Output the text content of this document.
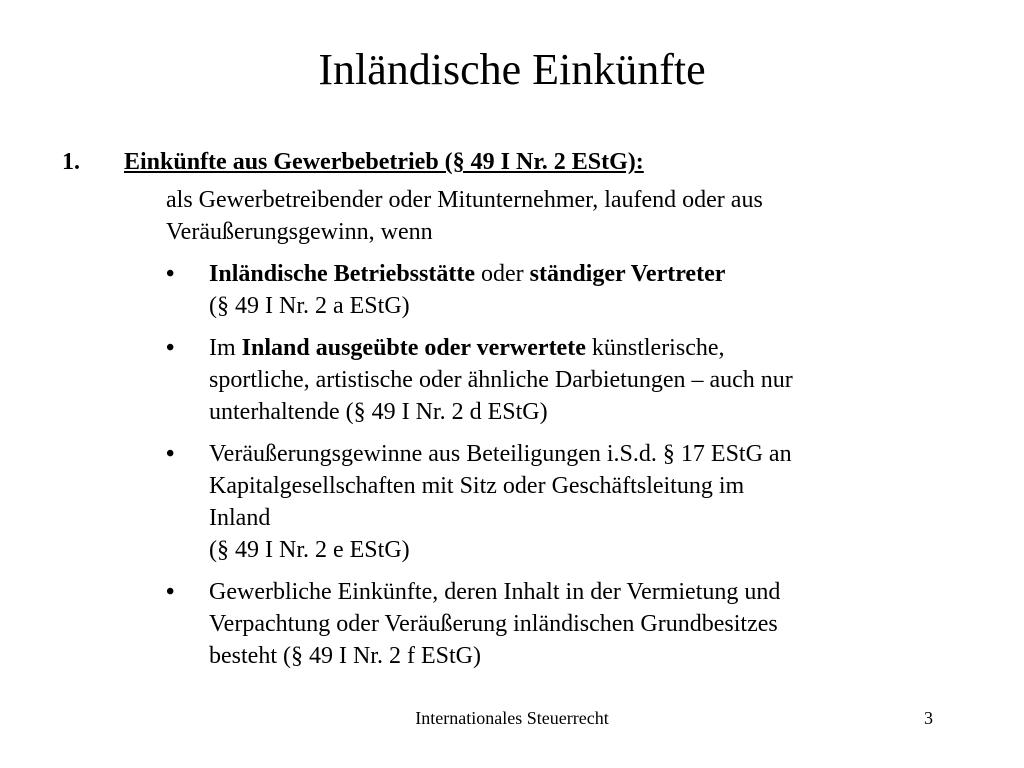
Inländische Einkünfte
1. Einkünfte aus Gewerbebetrieb (§ 49 I Nr. 2 EStG):
als Gewerbetreibender oder Mitunternehmer, laufend oder aus
Veräußerungsgewinn, wenn
• Inländische Betriebsstätte oder ständiger Vertreter
(§ 49 I Nr. 2 a EStG)
• Im Inland ausgeübte oder verwertete künstlerische,
sportliche, artistische oder ähnliche Darbietungen – auch nur
unterhaltende (§ 49 I Nr. 2 d EStG)
• Veräußerungsgewinne aus Beteiligungen i.S.d. § 17 EStG an
Kapitalgesellschaften mit Sitz oder Geschäftsleitung im
Inland
(§ 49 I Nr. 2 e EStG)
• Gewerbliche Einkünfte, deren Inhalt in der Vermietung und
Verpachtung oder Veräußerung inländischen Grundbesitzes
besteht (§ 49 I Nr. 2 f EStG)
Internationales Steuerrecht	3
